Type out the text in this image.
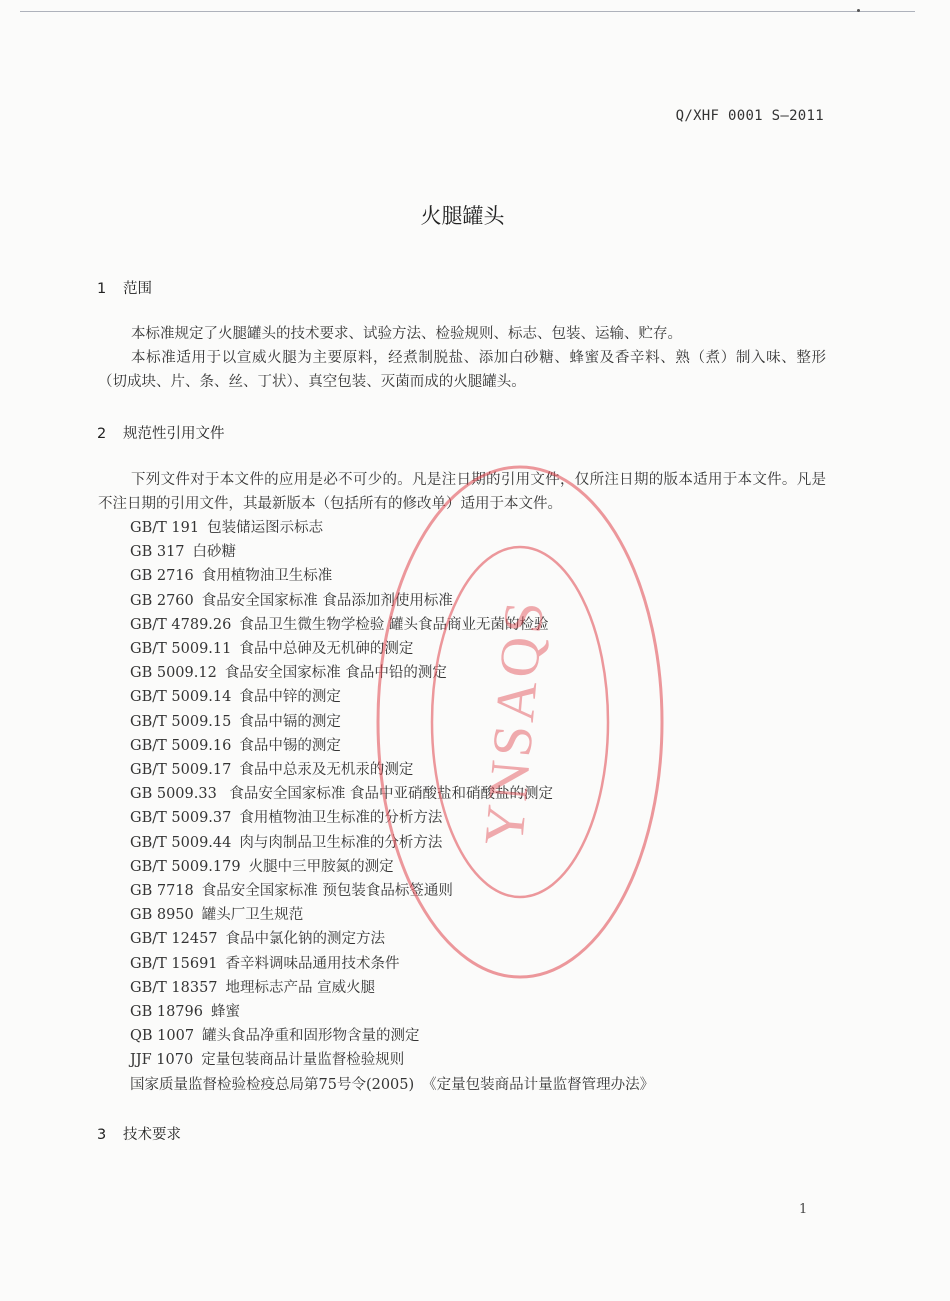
Q/XHF 0001 S—2011
火腿罐头
1 范围
本标准规定了火腿罐头的技术要求、试验方法、检验规则、标志、包装、运输、贮存。
本标准适用于以宣威火腿为主要原料，经煮制脱盐、添加白砂糖、蜂蜜及香辛料、熟（煮）制入味、整形（切成块、片、条、丝、丁状）、真空包装、灭菌而成的火腿罐头。
2 规范性引用文件
下列文件对于本文件的应用是必不可少的。凡是注日期的引用文件，仅所注日期的版本适用于本文件。凡是不注日期的引用文件，其最新版本（包括所有的修改单）适用于本文件。
GB/T 191 包装储运图示标志
GB 317 白砂糖
GB 2716 食用植物油卫生标准
GB 2760 食品安全国家标准 食品添加剂使用标准
GB/T 4789.26 食品卫生微生物学检验 罐头食品商业无菌的检验
GB/T 5009.11 食品中总砷及无机砷的测定
GB 5009.12 食品安全国家标准 食品中铅的测定
GB/T 5009.14 食品中锌的测定
GB/T 5009.15 食品中镉的测定
GB/T 5009.16 食品中锡的测定
GB/T 5009.17 食品中总汞及无机汞的测定
GB 5009.33 食品安全国家标准 食品中亚硝酸盐和硝酸盐的测定
GB/T 5009.37 食用植物油卫生标准的分析方法
GB/T 5009.44 肉与肉制品卫生标准的分析方法
GB/T 5009.179 火腿中三甲胺氮的测定
GB 7718 食品安全国家标准 预包装食品标签通则
GB 8950 罐头厂卫生规范
GB/T 12457 食品中氯化钠的测定方法
GB/T 15691 香辛料调味品通用技术条件
GB/T 18357 地理标志产品 宣威火腿
GB 18796 蜂蜜
QB 1007 罐头食品净重和固形物含量的测定
JJF 1070 定量包装商品计量监督检验规则
国家质量监督检验检疫总局第75号令(2005) 《定量包装商品计量监督管理办法》
3 技术要求
1
YNSAQS
